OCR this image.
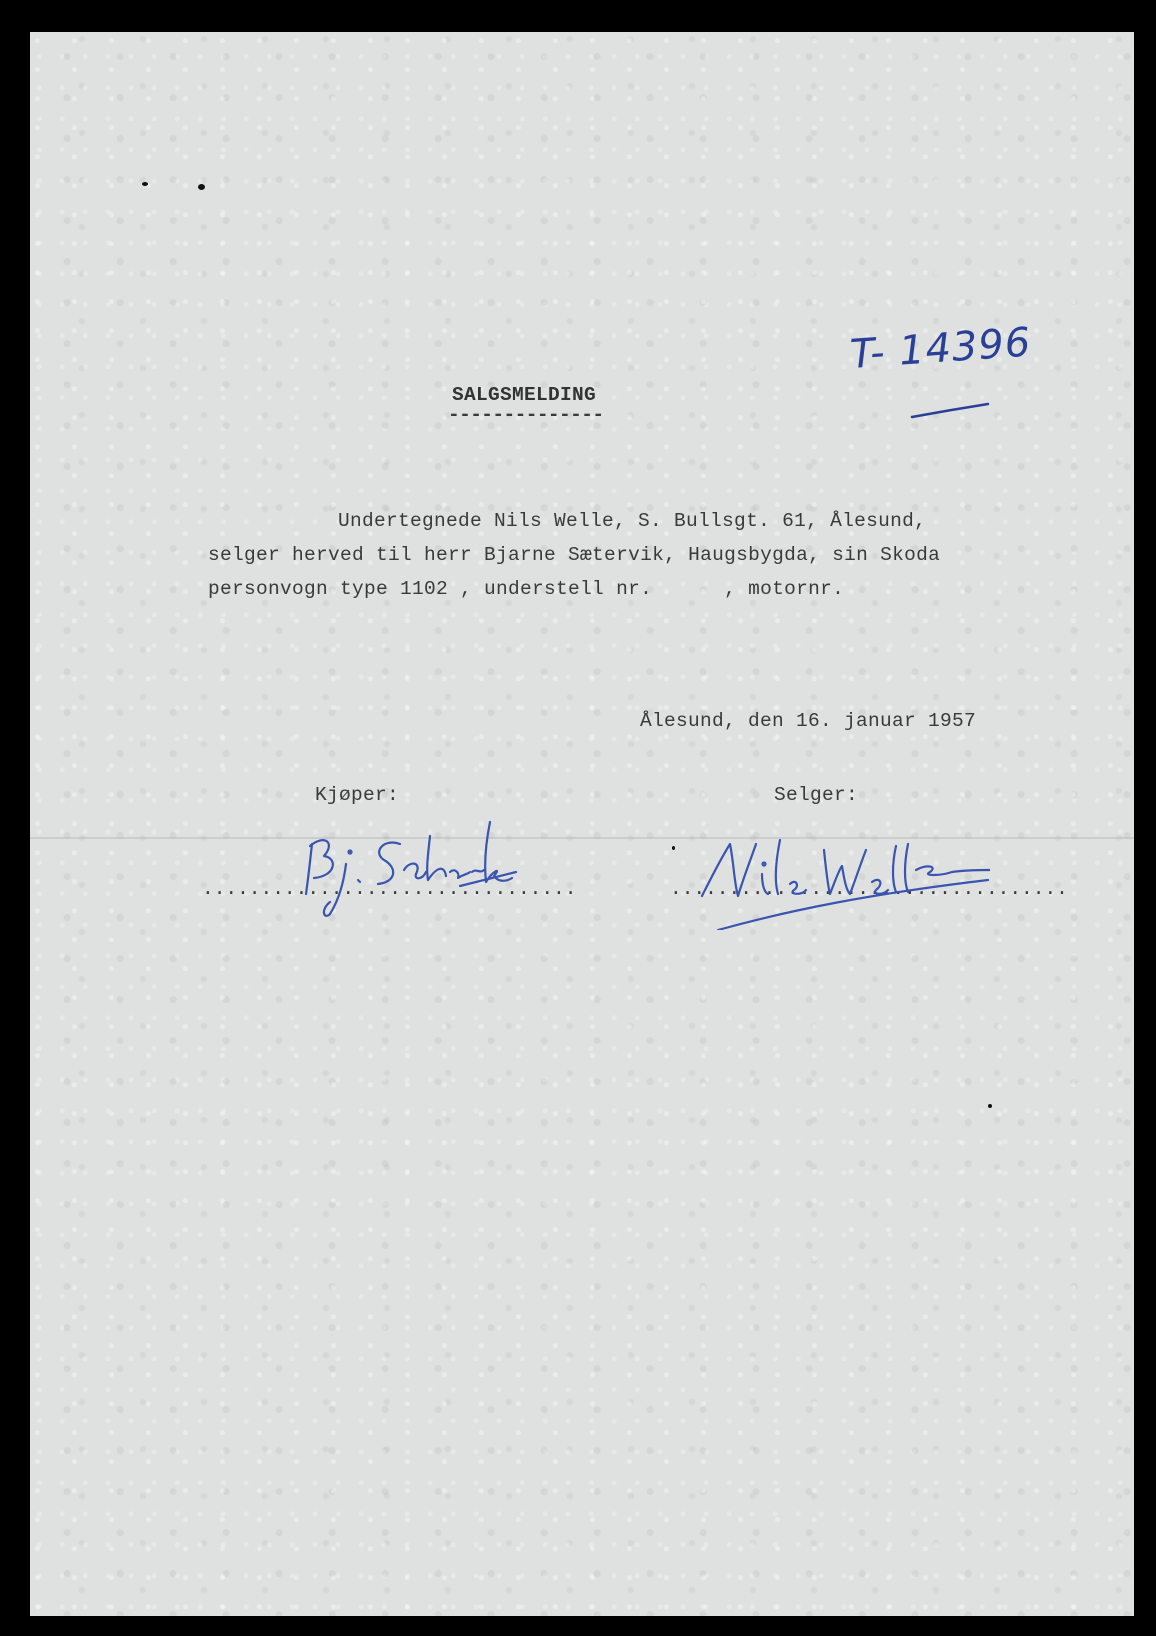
T- 14396
SALGSMELDING
--------------
Undertegnede Nils Welle, S. Bullsgt. 61, Ålesund,
selger herved til herr Bjarne Sætervik, Haugsbygda, sin Skoda
personvogn type 1102 , understell nr.      , motornr.
Ålesund, den 16. januar 1957
Kjøper:	Selger:
................................	..................................
